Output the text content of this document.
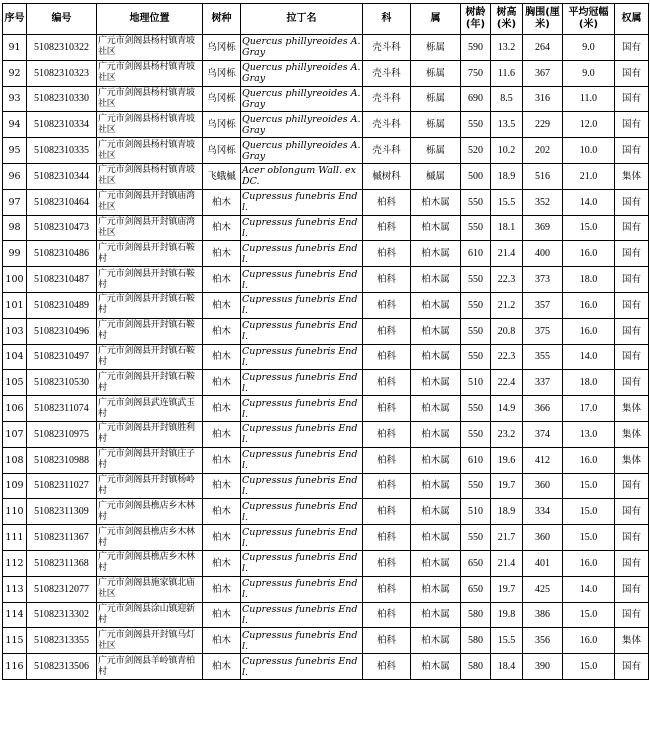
序号	编号	地理位置	树种	拉丁名	科	属	树龄(年)	树高(米)	胸围(厘米)	平均冠幅(米)	权属
91	51082310322	广元市剑阁县杨村镇青坡社区	乌冈栎	Quercus phillyreoides A. Gray	壳斗科	栎属	590	13.2	264	9.0	国有
92	51082310323	广元市剑阁县杨村镇青坡社区	乌冈栎	Quercus phillyreoides A. Gray	壳斗科	栎属	750	11.6	367	9.0	国有
93	51082310330	广元市剑阁县杨村镇青坡社区	乌冈栎	Quercus phillyreoides A. Gray	壳斗科	栎属	690	8.5	316	11.0	国有
94	51082310334	广元市剑阁县杨村镇青坡社区	乌冈栎	Quercus phillyreoides A. Gray	壳斗科	栎属	550	13.5	229	12.0	国有
95	51082310335	广元市剑阁县杨村镇青坡社区	乌冈栎	Quercus phillyreoides A. Gray	壳斗科	栎属	520	10.2	202	10.0	国有
96	51082310344	广元市剑阁县杨村镇青坡社区	飞蛾槭	Acer oblongum Wall. ex DC.	槭树科	槭属	500	18.9	516	21.0	集体
97	51082310464	广元市剑阁县开封镇庙湾社区	柏木	Cupressus funebris Endl.	柏科	柏木属	550	15.5	352	14.0	国有
98	51082310473	广元市剑阁县开封镇庙湾社区	柏木	Cupressus funebris Endl.	柏科	柏木属	550	18.1	369	15.0	国有
99	51082310486	广元市剑阁县开封镇石鞍村	柏木	Cupressus funebris Endl.	柏科	柏木属	610	21.4	400	16.0	国有
100	51082310487	广元市剑阁县开封镇石鞍村	柏木	Cupressus funebris Endl.	柏科	柏木属	550	22.3	373	18.0	国有
101	51082310489	广元市剑阁县开封镇石鞍村	柏木	Cupressus funebris Endl.	柏科	柏木属	550	21.2	357	16.0	国有
103	51082310496	广元市剑阁县开封镇石鞍村	柏木	Cupressus funebris Endl.	柏科	柏木属	550	20.8	375	16.0	国有
104	51082310497	广元市剑阁县开封镇石鞍村	柏木	Cupressus funebris Endl.	柏科	柏木属	550	22.3	355	14.0	国有
105	51082310530	广元市剑阁县开封镇石鞍村	柏木	Cupressus funebris Endl.	柏科	柏木属	510	22.4	337	18.0	国有
106	51082311074	广元市剑阁县武连镇武玉村	柏木	Cupressus funebris Endl.	柏科	柏木属	550	14.9	366	17.0	集体
107	51082310975	广元市剑阁县开封镇胜利村	柏木	Cupressus funebris Endl.	柏科	柏木属	550	23.2	374	13.0	集体
108	51082310988	广元市剑阁县开封镇庄子村	柏木	Cupressus funebris Endl.	柏科	柏木属	610	19.6	412	16.0	集体
109	51082311027	广元市剑阁县开封镇杨岭村	柏木	Cupressus funebris Endl.	柏科	柏木属	550	19.7	360	15.0	国有
110	51082311309	广元市剑阁县樵店乡木林村	柏木	Cupressus funebris Endl.	柏科	柏木属	510	18.9	334	15.0	国有
111	51082311367	广元市剑阁县樵店乡木林村	柏木	Cupressus funebris Endl.	柏科	柏木属	550	21.7	360	15.0	国有
112	51082311368	广元市剑阁县樵店乡木林村	柏木	Cupressus funebris Endl.	柏科	柏木属	650	21.4	401	16.0	国有
113	51082312077	广元市剑阁县施家镇北庙社区	柏木	Cupressus funebris Endl.	柏科	柏木属	650	19.7	425	14.0	国有
114	51082313302	广元市剑阁县涂山镇迎新村	柏木	Cupressus funebris Endl.	柏科	柏木属	580	19.8	386	15.0	国有
115	51082313355	广元市剑阁县开封镇马灯社区	柏木	Cupressus funebris Endl.	柏科	柏木属	580	15.5	356	16.0	集体
116	51082313506	广元市剑阁县羊岭镇青柏村	柏木	Cupressus funebris Endl.	柏科	柏木属	580	18.4	390	15.0	国有
